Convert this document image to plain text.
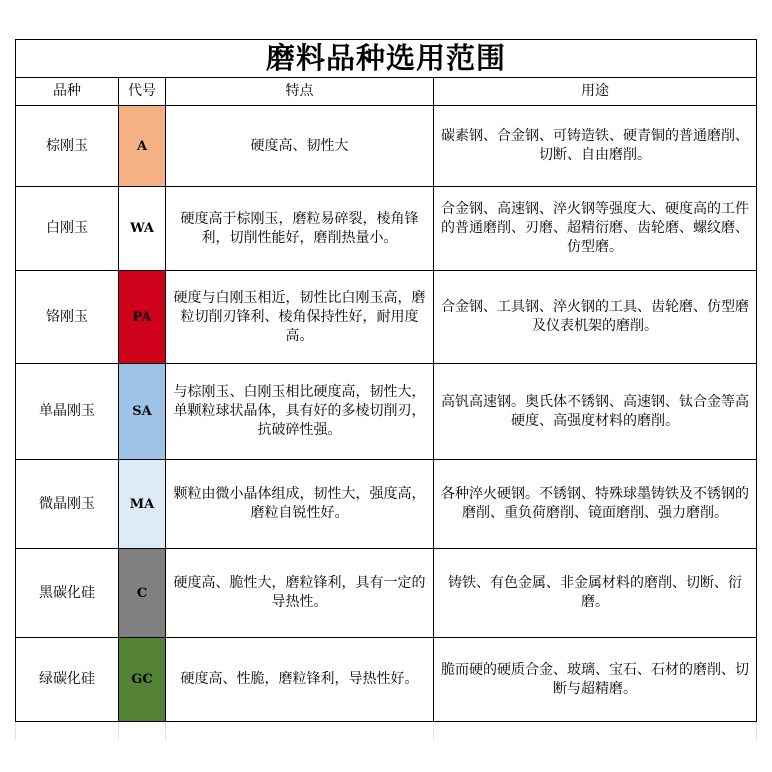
磨料品种选用范围			
品种	代号	特点	用途
棕刚玉	A	硬度高、韧性大	碳素钢、合金钢、可铸造铁、硬青铜的普通磨削、切断、自由磨削。
白刚玉	WA	硬度高于棕刚玉，磨粒易碎裂，棱角锋利，切削性能好，磨削热量小。	合金钢、高速钢、淬火钢等强度大、硬度高的工件的普通磨削、刃磨、超精衍磨、齿轮磨、螺纹磨、仿型磨。
铬刚玉	PA	硬度与白刚玉相近，韧性比白刚玉高，磨粒切削刃锋利、棱角保持性好，耐用度高。	合金钢、工具钢、淬火钢的工具、齿轮磨、仿型磨及仪表机架的磨削。
单晶刚玉	SA	与棕刚玉、白刚玉相比硬度高，韧性大，单颗粒球状晶体，具有好的多棱切削刃，抗破碎性强。	高钒高速钢。奥氏体不锈钢、高速钢、钛合金等高硬度、高强度材料的磨削。
微晶刚玉	MA	颗粒由微小晶体组成，韧性大，强度高，磨粒自锐性好。	各种淬火硬钢。不锈钢、特殊球墨铸铁及不锈钢的磨削、重负荷磨削、镜面磨削、强力磨削。
黑碳化硅	C	硬度高、脆性大，磨粒锋利，具有一定的导热性。	铸铁、有色金属、非金属材料的磨削、切断、衍磨。
绿碳化硅	GC	硬度高、性脆，磨粒锋利，导热性好。	脆而硬的硬质合金、玻璃、宝石、石材的磨削、切断与超精磨。
